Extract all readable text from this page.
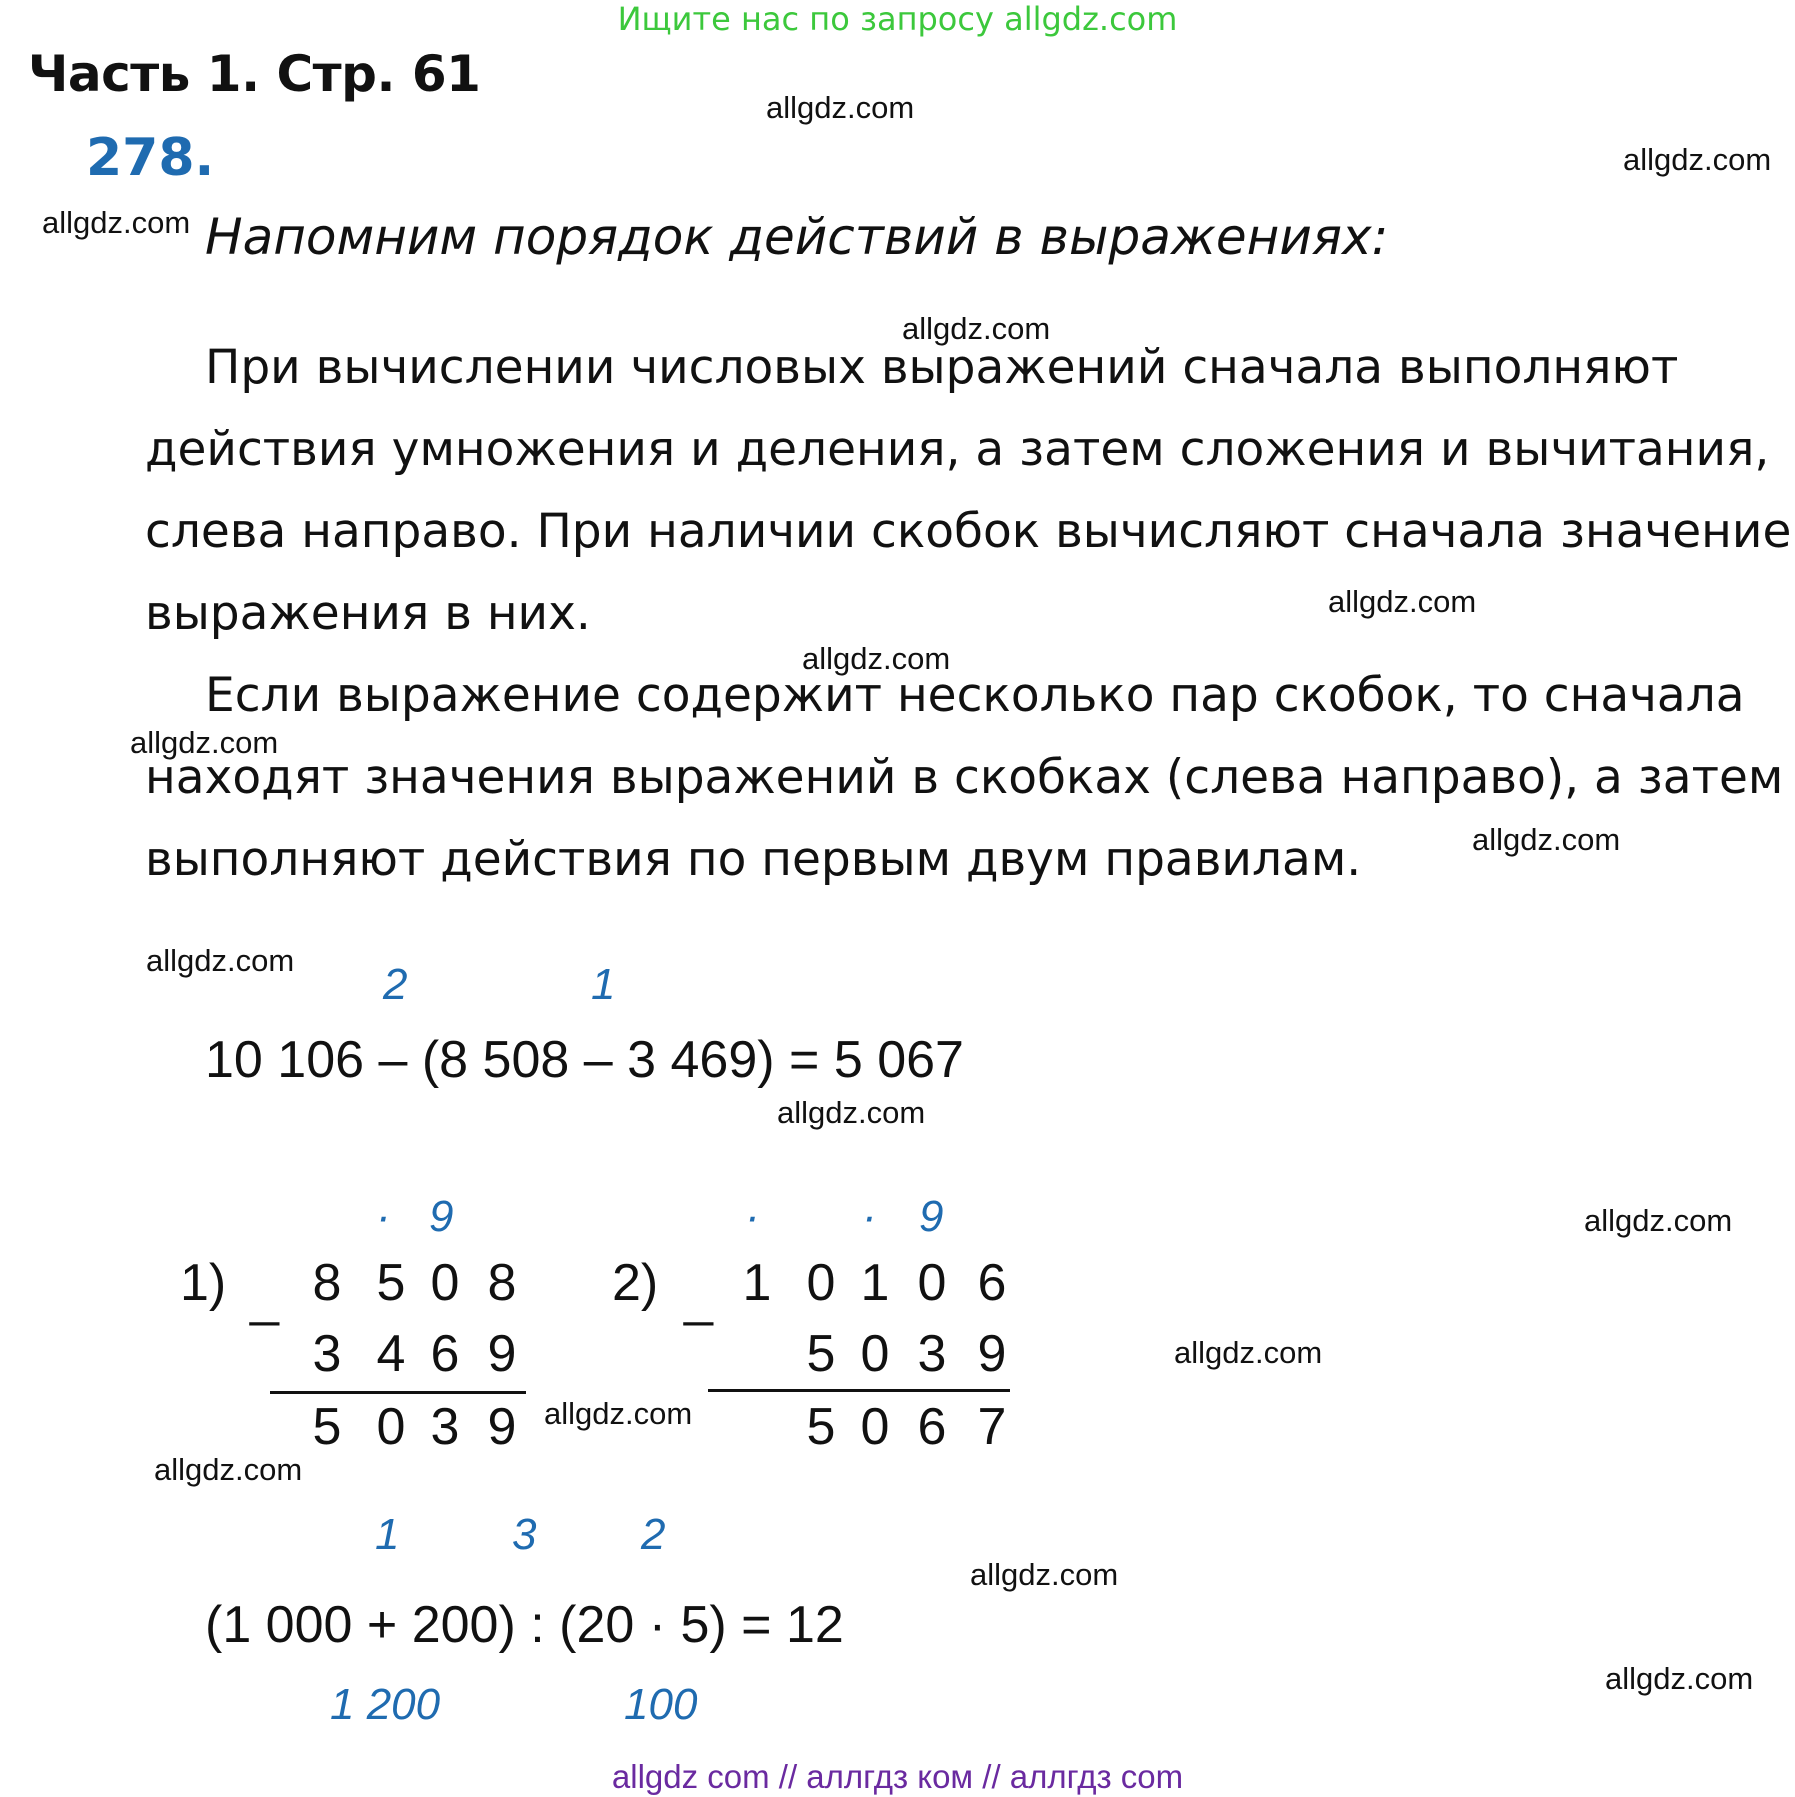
Ищите нас по запросу allgdz.com
Часть 1. Стр. 61
278.
allgdz.com
allgdz.com
allgdz.com
allgdz.com
allgdz.com
allgdz.com
allgdz.com
allgdz.com
allgdz.com
allgdz.com
allgdz.com
allgdz.com
allgdz.com
allgdz.com
allgdz.com
allgdz.com
Напомним порядок действий в выражениях:
При вычислении числовых выражений сначала выполняют
действия умножения и деления, а затем сложения и вычитания,
слева направо. При наличии скобок вычисляют сначала значение
выражения в них.
Если выражение содержит несколько пар скобок, то сначала
находят значения выражений в скобках (слева направо), а затем
выполняют действия по первым двум правилам.
2	1
10 106 – (8 508 – 3 469) = 5 067
1) _
· 9
8 5 0 8
3 4 6 9
5 0 3 9
2) _
· · 9
1 0 1 0 6
5 0 3 9
5 0 6 7
1	3 2
(1 000 + 200) : (20 · 5) = 12
1 200	100
allgdz com // аллгдз ком // аллгдз com
